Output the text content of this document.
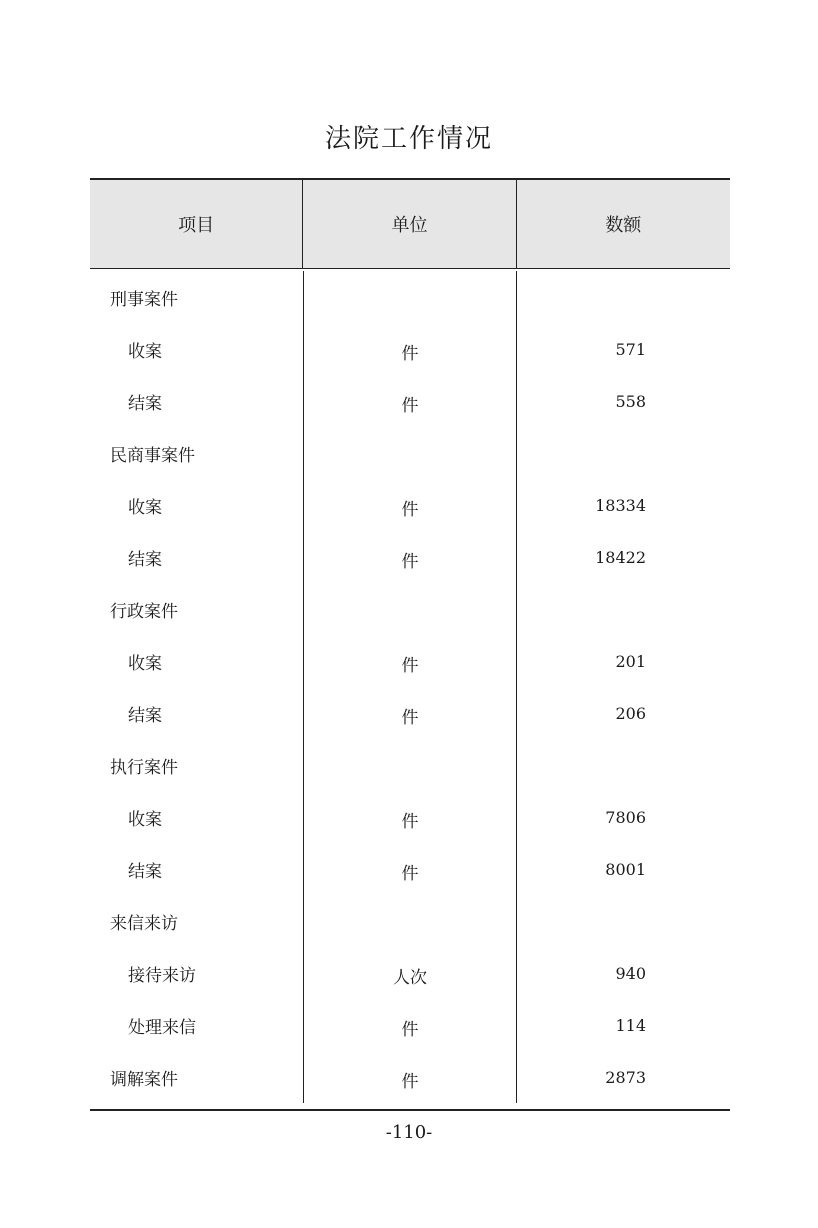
法院工作情况
项目	单位	数额
刑事案件
收案	件	571
结案	件	558
民商事案件
收案	件	18334
结案	件	18422
行政案件
收案	件	201
结案	件	206
执行案件
收案	件	7806
结案	件	8001
来信来访
接待来访	人次	940
处理来信	件	114
调解案件	件	2873
-110-
